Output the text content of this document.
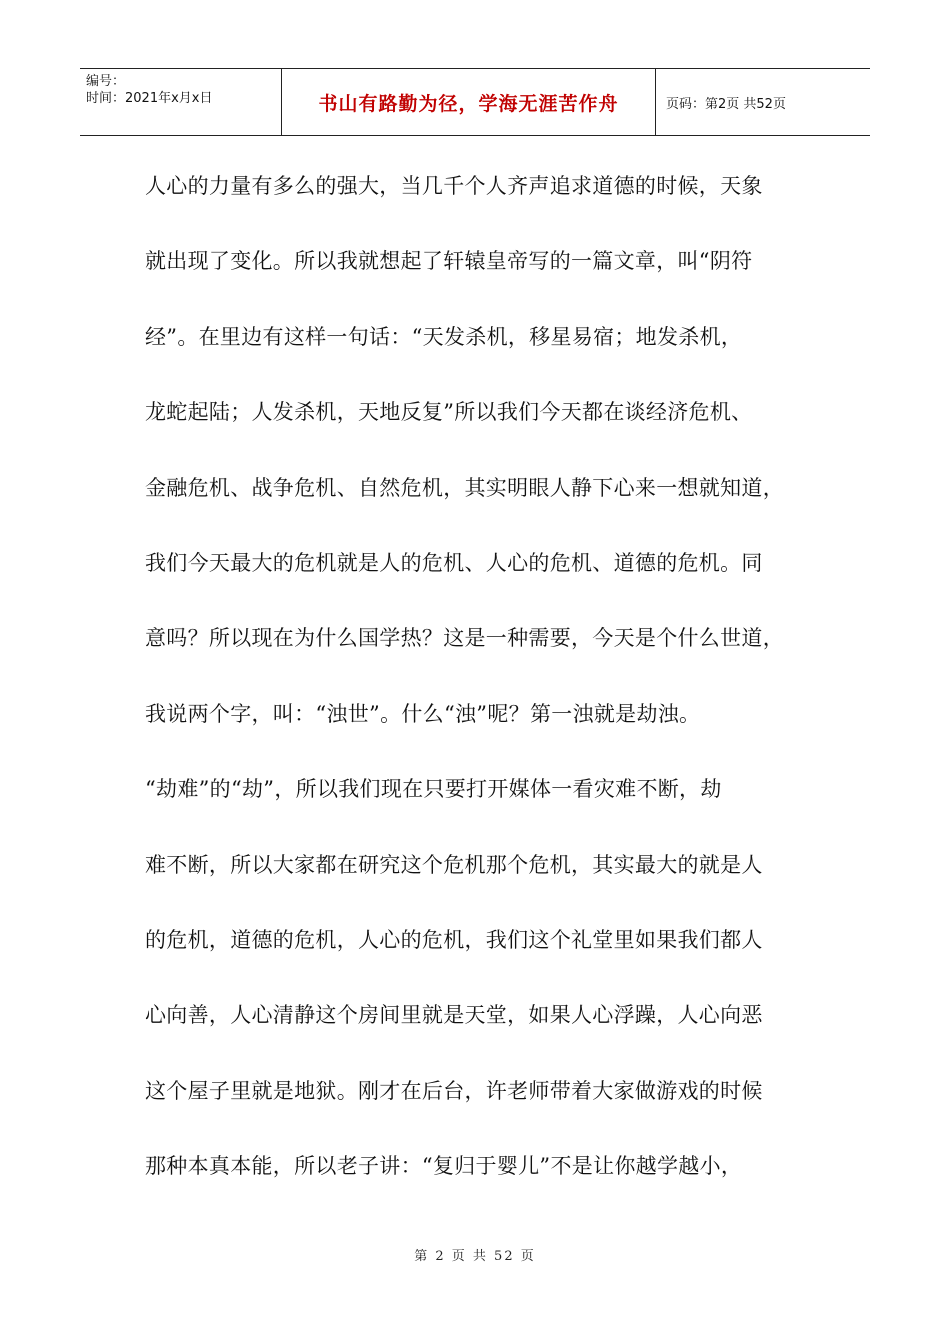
编号：
时间：2021年x月x日	书山有路勤为径，学海无涯苦作舟	页码：第2页 共52页
人心的力量有多么的强大，当几千个人齐声追求道德的时候，天象
就出现了变化。所以我就想起了轩辕皇帝写的一篇文章，叫“阴符
经”。在里边有这样一句话：“天发杀机，移星易宿；地发杀机，
龙蛇起陆；人发杀机，天地反复”所以我们今天都在谈经济危机、
金融危机、战争危机、自然危机，其实明眼人静下心来一想就知道，
我们今天最大的危机就是人的危机、人心的危机、道德的危机。同
意吗？所以现在为什么国学热？这是一种需要，今天是个什么世道，
我说两个字，叫：“浊世”。什么“浊”呢？第一浊就是劫浊。
“劫难”的“劫”，所以我们现在只要打开媒体一看灾难不断，劫
难不断，所以大家都在研究这个危机那个危机，其实最大的就是人
的危机，道德的危机，人心的危机，我们这个礼堂里如果我们都人
心向善，人心清静这个房间里就是天堂，如果人心浮躁，人心向恶
这个屋子里就是地狱。刚才在后台，许老师带着大家做游戏的时候
那种本真本能，所以老子讲：“复归于婴儿”不是让你越学越小，
第 2 页 共 52 页
